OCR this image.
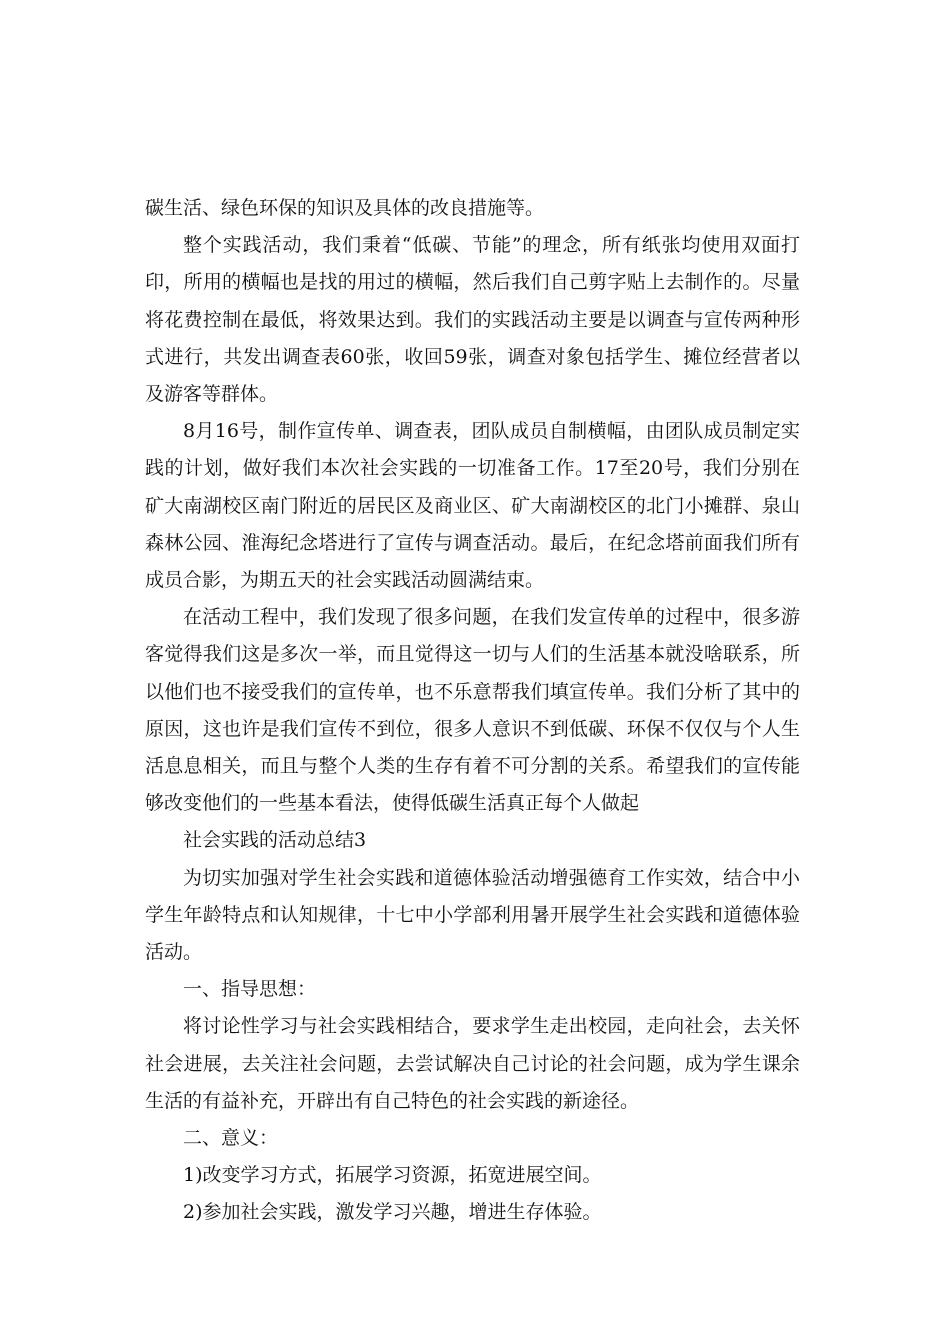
碳生活、绿色环保的知识及具体的改良措施等。

整个实践活动，我们秉着“低碳、节能”的理念，所有纸张均使用双面打印，所用的横幅也是找的用过的横幅，然后我们自己剪字贴上去制作的。尽量将花费控制在最低，将效果达到。我们的实践活动主要是以调查与宣传两种形式进行，共发出调查表60张，收回59张，调查对象包括学生、摊位经营者以及游客等群体。

8月16号，制作宣传单、调查表，团队成员自制横幅，由团队成员制定实践的计划，做好我们本次社会实践的一切准备工作。17至20号，我们分别在矿大南湖校区南门附近的居民区及商业区、矿大南湖校区的北门小摊群、泉山森林公园、淮海纪念塔进行了宣传与调查活动。最后，在纪念塔前面我们所有成员合影，为期五天的社会实践活动圆满结束。

在活动工程中，我们发现了很多问题，在我们发宣传单的过程中，很多游客觉得我们这是多次一举，而且觉得这一切与人们的生活基本就没啥联系，所以他们也不接受我们的宣传单，也不乐意帮我们填宣传单。我们分析了其中的原因，这也许是我们宣传不到位，很多人意识不到低碳、环保不仅仅与个人生活息息相关，而且与整个人类的生存有着不可分割的关系。希望我们的宣传能够改变他们的一些基本看法，使得低碳生活真正每个人做起

社会实践的活动总结3

为切实加强对学生社会实践和道德体验活动增强德育工作实效，结合中小学生年龄特点和认知规律，十七中小学部利用暑开展学生社会实践和道德体验活动。

一、指导思想：

将讨论性学习与社会实践相结合，要求学生走出校园，走向社会，去关怀社会进展，去关注社会问题，去尝试解决自己讨论的社会问题，成为学生课余生活的有益补充，开辟出有自己特色的社会实践的新途径。

二、意义：

1)改变学习方式，拓展学习资源，拓宽进展空间。

2)参加社会实践，激发学习兴趣，增进生存体验。
